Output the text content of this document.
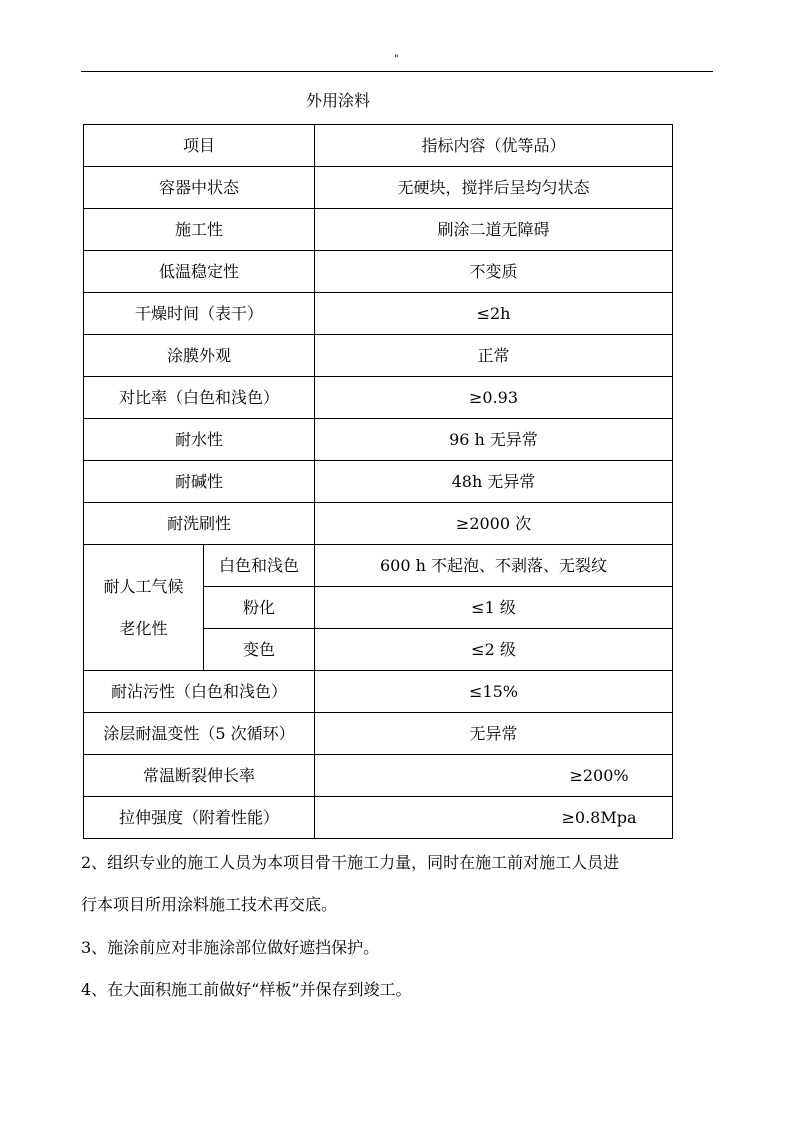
"
外用涂料
项目		指标内容（优等品）
容器中状态		无硬块，搅拌后呈均匀状态
施工性		刷涂二道无障碍
低温稳定性		不变质
干燥时间（表干）		≤2h
涂膜外观		正常
对比率（白色和浅色）		≥0.93
耐水性		96 h 无异常
耐碱性		48h 无异常
耐洗刷性		≥2000 次
耐人工气候
老化性	白色和浅色	600 h 不起泡、不剥落、无裂纹
	粉化	≤1 级
	变色	≤2 级
耐沾污性（白色和浅色）		≤15%
涂层耐温变性（5 次循环）		无异常
常温断裂伸长率		≥200%
拉伸强度（附着性能）		≥0.8Mpa
2、组织专业的施工人员为本项目骨干施工力量，同时在施工前对施工人员进
行本项目所用涂料施工技术再交底。
3、施涂前应对非施涂部位做好遮挡保护。
4、在大面积施工前做好“样板”并保存到竣工。
